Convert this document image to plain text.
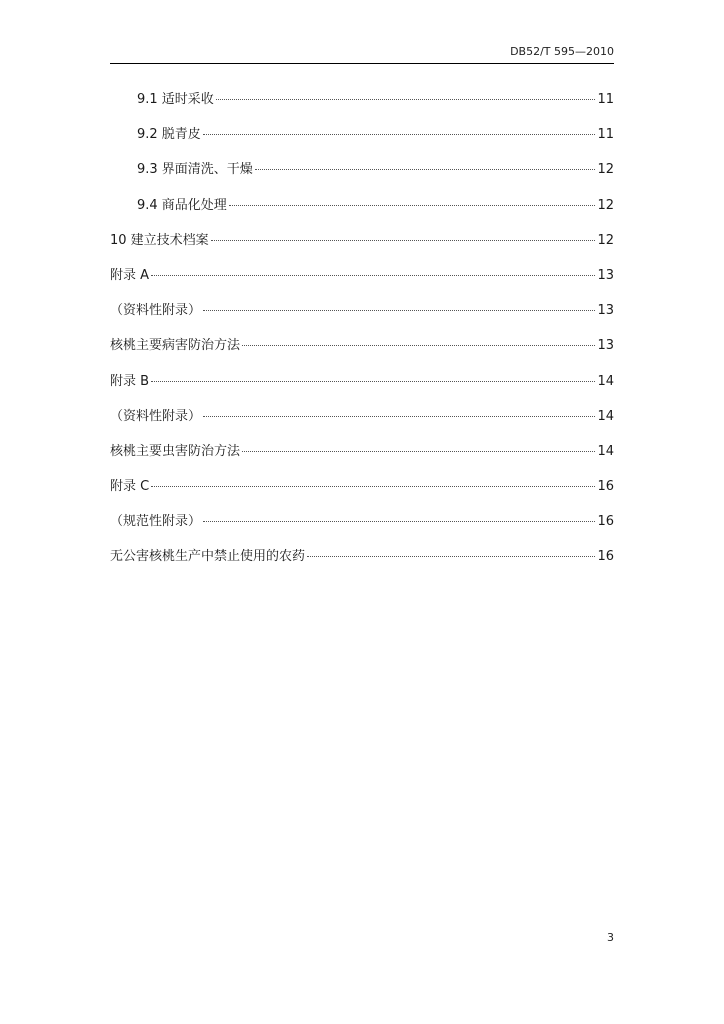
DB52/T 595—2010
9.1 适时采收	11
9.2 脱青皮	11
9.3 界面清洗、干燥	12
9.4 商品化处理	12
10 建立技术档案	12
附录 A	13
（资料性附录）	13
核桃主要病害防治方法	13
附录 B	14
（资料性附录）	14
核桃主要虫害防治方法	14
附录 C	16
（规范性附录）	16
无公害核桃生产中禁止使用的农药	16
3
